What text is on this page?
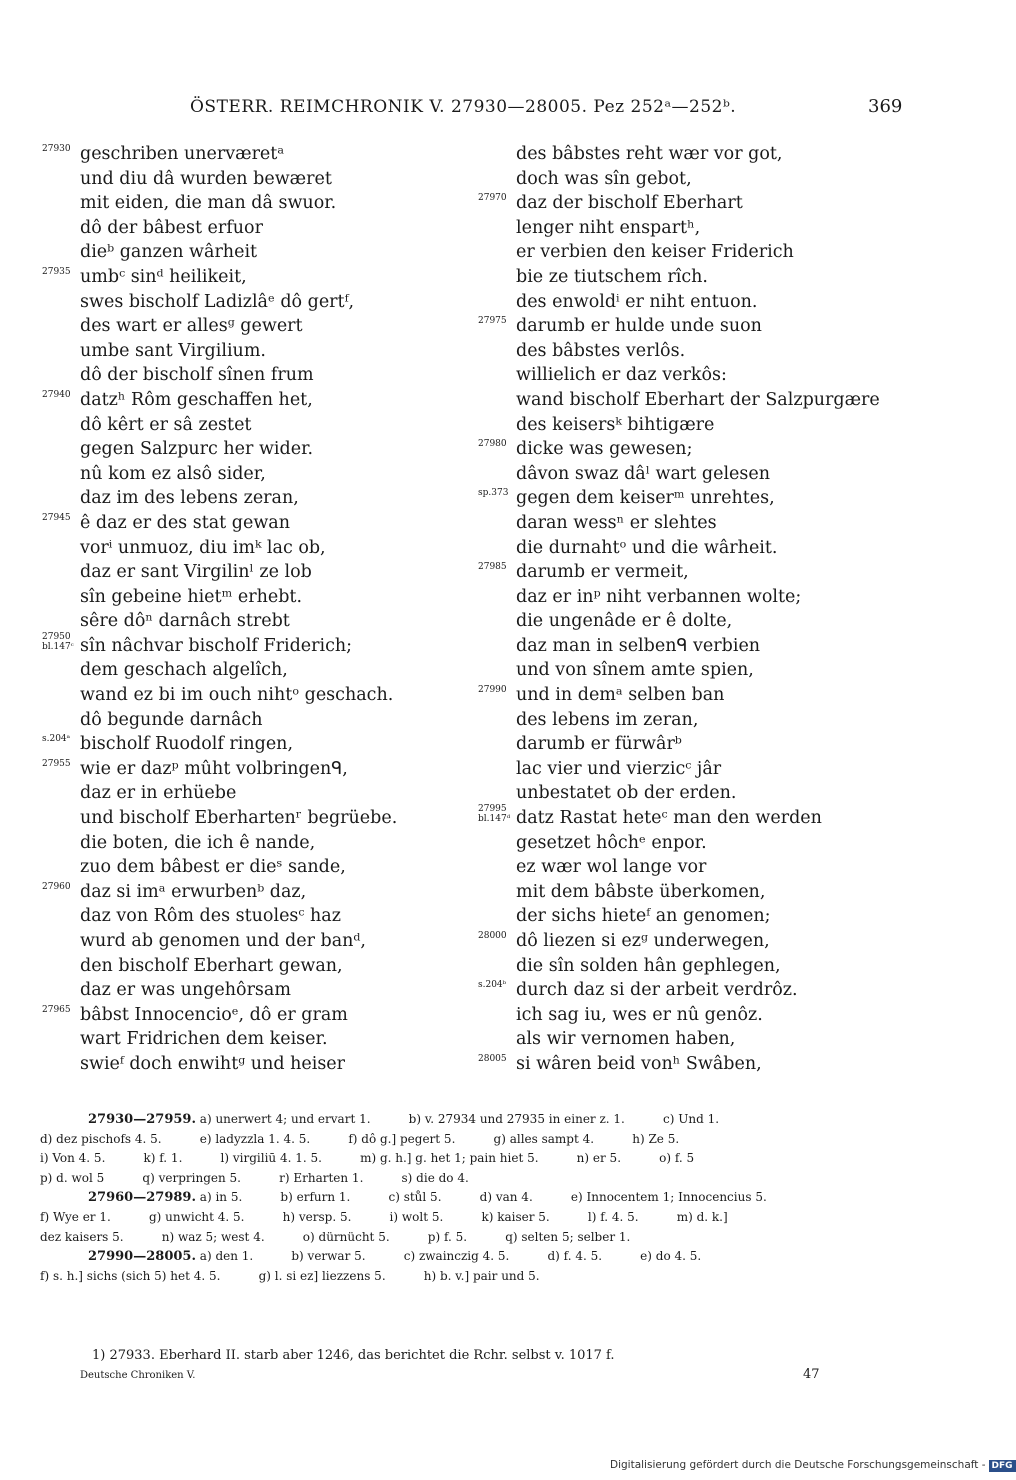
ÖSTERR. REIMCHRONIK V. 27930—28005. Pez 252ᵃ—252ᵇ.	369
27930 geschriben unerværetᵃ
und diu dâ wurden bewæret
mit eiden, die man dâ swuor.
dô der bâbest erfuor
dieᵇ ganzen wârheit
27935 umbᶜ sinᵈ heilikeit,
swes bischolf Ladizlâᵉ dô gertᶠ,
des wart er allesᵍ gewert
umbe sant Virgilium.
dô der bischolf sînen frum
27940 datzʰ Rôm geschaffen het,
dô kêrt er sâ zestet
gegen Salzpurc her wider.
nû kom ez alsô sider,
daz im des lebens zeran,
27945 ê daz er des stat gewan
vorⁱ unmuoz, diu imᵏ lac ob,
daz er sant Virgilinˡ ze lob
sîn gebeine hietᵐ erhebt.
sêre dôⁿ darnâch strebt
27950
bl.147ᶜ sîn nâchvar bischolf Friderich;
dem geschach algelîch,
wand ez bi im ouch nihtᵒ geschach.
dô begunde darnâch
s.204ᵃ bischolf Ruodolf ringen,
27955 wie er dazᵖ mûht volbringenᑫ,
daz er in erhüebe
und bischolf Eberhartenʳ begrüebe.
die boten, die ich ê nande,
zuo dem bâbest er dieˢ sande,
27960 daz si imᵃ erwurbenᵇ daz,
daz von Rôm des stuolesᶜ haz
wurd ab genomen und der banᵈ,
den bischolf Eberhart gewan,
daz er was ungehôrsam
27965 bâbst Innocencioᵉ, dô er gram
wart Fridrichen dem keiser.
swieᶠ doch enwihtᵍ und heiser
des bâbstes reht wær vor got,
doch was sîn gebot,
27970 daz der bischolf Eberhart
lenger niht enspartʰ,
er verbien den keiser Friderich
bie ze tiutschem rîch.
des enwoldⁱ er niht entuon.
27975 darumb er hulde unde suon
des bâbstes verlôs.
willielich er daz verkôs:
wand bischolf Eberhart der Salzpurgære
des keisersᵏ bihtigære
27980 dicke was gewesen;
dâvon swaz dâˡ wart gelesen
sp.373 gegen dem keiserᵐ unrehtes,
daran wessⁿ er slehtes
die durnahtᵒ und die wârheit.
27985 darumb er vermeit,
daz er inᵖ niht verbannen wolte;
die ungenâde er ê dolte,
daz man in selbenᑫ verbien
und von sînem amte spien,
27990 und in demᵃ selben ban
des lebens im zeran,
darumb er fürwârᵇ
lac vier und vierzicᶜ jâr
unbestatet ob der erden.
27995
bl.147ᵈ datz Rastat heteᶜ man den werden
gesetzet hôchᵉ enpor.
ez wær wol lange vor
mit dem bâbste überkomen,
der sichs hieteᶠ an genomen;
28000 dô liezen si ezᵍ underwegen,
die sîn solden hân gephlegen,
s.204ᵇ durch daz si der arbeit verdrôz.
ich sag iu, wes er nû genôz.
als wir vernomen haben,
28005 si wâren beid vonʰ Swâben,
27930—27959. a) unerwert 4; und ervart 1.          b) v. 27934 und 27935 in einer z. 1.          c) Und 1.
d) dez pischofs 4. 5.          e) ladyzzla 1. 4. 5.          f) dô g.] pegert 5.          g) alles sampt 4.          h) Ze 5.
i) Von 4. 5.          k) f. 1.          l) virgiliū 4. 1. 5.          m) g. h.] g. het 1; pain hiet 5.          n) er 5.          o) f. 5
p) d. wol 5          q) verpringen 5.          r) Erharten 1.          s) die do 4.
27960—27989. a) in 5.          b) erfurn 1.          c) stůl 5.          d) van 4.          e) Innocentem 1; Innocencius 5.
f) Wye er 1.          g) unwicht 4. 5.          h) versp. 5.          i) wolt 5.          k) kaiser 5.          l) f. 4. 5.          m) d. k.]
dez kaisers 5.          n) waz 5; west 4.          o) dürnücht 5.          p) f. 5.          q) selten 5; selber 1.
27990—28005. a) den 1.          b) verwar 5.          c) zwainczig 4. 5.          d) f. 4. 5.          e) do 4. 5.
f) s. h.] sichs (sich 5) het 4. 5.          g) l. si ez] liezzens 5.          h) b. v.] pair und 5.
1) 27933. Eberhard II. starb aber 1246, das berichtet die Rchr. selbst v. 1017 f.
Deutsche Chroniken V.	47
Digitalisierung gefördert durch die Deutsche Forschungsgemeinschaft - DFG
